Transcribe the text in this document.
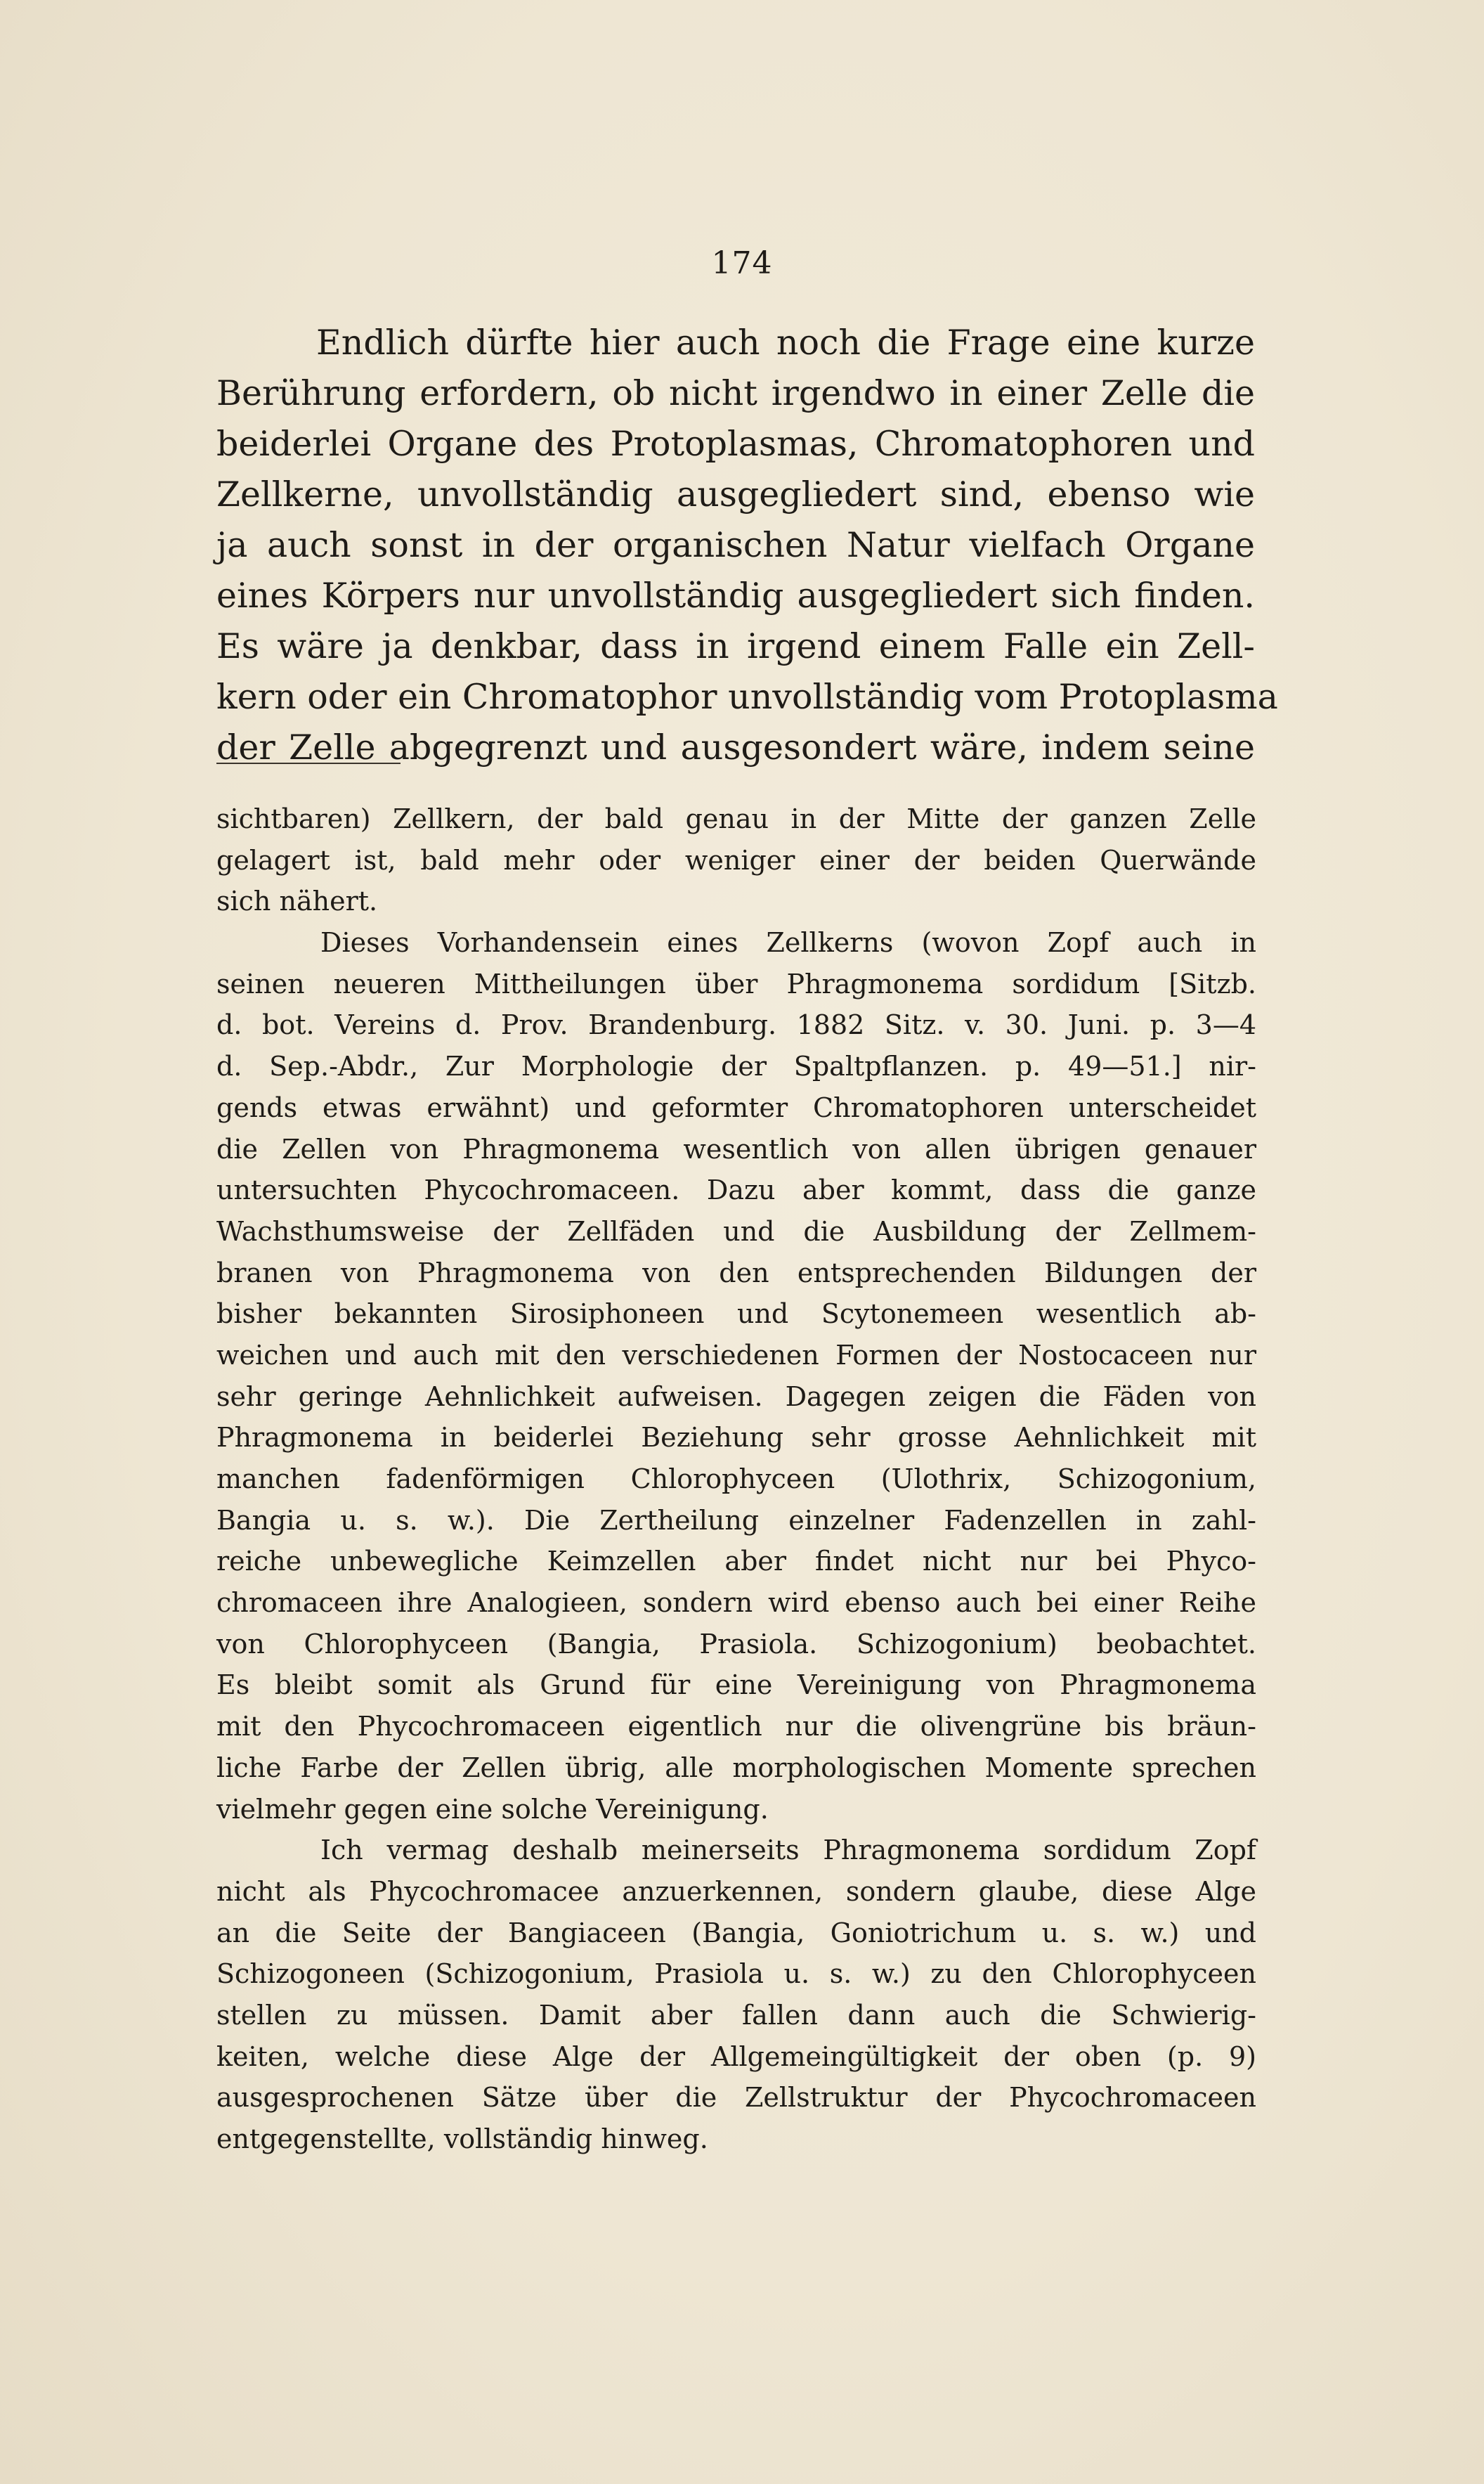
174
Endlich dürfte hier auch noch die Frage eine kurze
Berührung erfordern, ob nicht irgendwo in einer Zelle die
beiderlei Organe des Protoplasmas, Chromatophoren und
Zellkerne, unvollständig ausgegliedert sind, ebenso wie
ja auch sonst in der organischen Natur vielfach Organe
eines Körpers nur unvollständig ausgegliedert sich finden.
Es wäre ja denkbar, dass in irgend einem Falle ein Zell-
kern oder ein Chromatophor unvollständig vom Protoplasma
der Zelle abgegrenzt und ausgesondert wäre, indem seine
sichtbaren) Zellkern, der bald genau in der Mitte der ganzen Zelle
gelagert ist, bald mehr oder weniger einer der beiden Querwände
sich nähert.
Dieses Vorhandensein eines Zellkerns (wovon Zopf auch in
seinen neueren Mittheilungen über Phragmonema sordidum [Sitzb.
d. bot. Vereins d. Prov. Brandenburg. 1882 Sitz. v. 30. Juni. p. 3—4
d. Sep.-Abdr., Zur Morphologie der Spaltpflanzen. p. 49—51.] nir-
gends etwas erwähnt) und geformter Chromatophoren unterscheidet
die Zellen von Phragmonema wesentlich von allen übrigen genauer
untersuchten Phycochromaceen. Dazu aber kommt, dass die ganze
Wachsthumsweise der Zellfäden und die Ausbildung der Zellmem-
branen von Phragmonema von den entsprechenden Bildungen der
bisher bekannten Sirosiphoneen und Scytonemeen wesentlich ab-
weichen und auch mit den verschiedenen Formen der Nostocaceen nur
sehr geringe Aehnlichkeit aufweisen. Dagegen zeigen die Fäden von
Phragmonema in beiderlei Beziehung sehr grosse Aehnlichkeit mit
manchen fadenförmigen Chlorophyceen (Ulothrix, Schizogonium,
Bangia u. s. w.). Die Zertheilung einzelner Fadenzellen in zahl-
reiche unbewegliche Keimzellen aber findet nicht nur bei Phyco-
chromaceen ihre Analogieen, sondern wird ebenso auch bei einer Reihe
von Chlorophyceen (Bangia, Prasiola. Schizogonium) beobachtet.
Es bleibt somit als Grund für eine Vereinigung von Phragmonema
mit den Phycochromaceen eigentlich nur die olivengrüne bis bräun-
liche Farbe der Zellen übrig, alle morphologischen Momente sprechen
vielmehr gegen eine solche Vereinigung.
Ich vermag deshalb meinerseits Phragmonema sordidum Zopf
nicht als Phycochromacee anzuerkennen, sondern glaube, diese Alge
an die Seite der Bangiaceen (Bangia, Goniotrichum u. s. w.) und
Schizogoneen (Schizogonium, Prasiola u. s. w.) zu den Chlorophyceen
stellen zu müssen. Damit aber fallen dann auch die Schwierig-
keiten, welche diese Alge der Allgemeingültigkeit der oben (p. 9)
ausgesprochenen Sätze über die Zellstruktur der Phycochromaceen
entgegenstellte, vollständig hinweg.
